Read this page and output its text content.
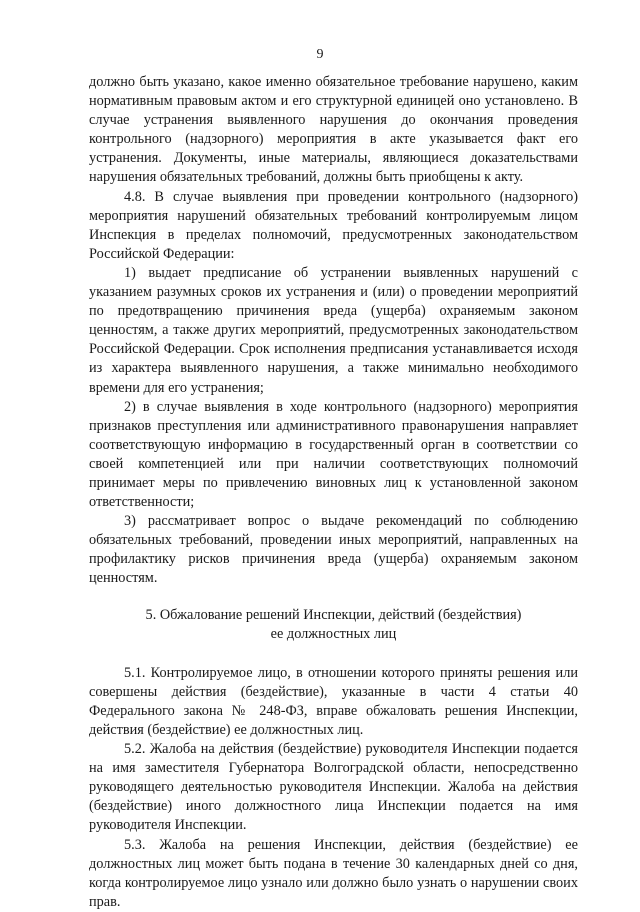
9

должно быть указано, какое именно обязательное требование нарушено, каким нормативным правовым актом и его структурной единицей оно установлено. В случае устранения выявленного нарушения до окончания проведения контрольного (надзорного) мероприятия в акте указывается факт его устранения. Документы, иные материалы, являющиеся доказательствами нарушения обязательных требований, должны быть приобщены к акту.

4.8. В случае выявления при проведении контрольного (надзорного) мероприятия нарушений обязательных требований контролируемым лицом Инспекция в пределах полномочий, предусмотренных законодательством Российской Федерации:

1) выдает предписание об устранении выявленных нарушений с указанием разумных сроков их устранения и (или) о проведении мероприятий по предотвращению причинения вреда (ущерба) охраняемым законом ценностям, а также других мероприятий, предусмотренных законодательством Российской Федерации. Срок исполнения предписания устанавливается исходя из характера выявленного нарушения, а также минимально необходимого времени для его устранения;

2) в случае выявления в ходе контрольного (надзорного) мероприятия признаков преступления или административного правонарушения направляет соответствующую информацию в государственный орган в соответствии со своей компетенцией или при наличии соответствующих полномочий принимает меры по привлечению виновных лиц к установленной законом ответственности;

3) рассматривает вопрос о выдаче рекомендаций по соблюдению обязательных требований, проведении иных мероприятий, направленных на профилактику рисков причинения вреда (ущерба) охраняемым законом ценностям.

5. Обжалование решений Инспекции, действий (бездействия)
ее должностных лиц

5.1. Контролируемое лицо, в отношении которого приняты решения или совершены действия (бездействие), указанные в части 4 статьи 40 Федерального закона № 248-ФЗ, вправе обжаловать решения Инспекции, действия (бездействие) ее должностных лиц.

5.2. Жалоба на действия (бездействие) руководителя Инспекции подается на имя заместителя Губернатора Волгоградской области, непосредственно руководящего деятельностью руководителя Инспекции. Жалоба на действия (бездействие) иного должностного лица Инспекции подается на имя руководителя Инспекции.

5.3. Жалоба на решения Инспекции, действия (бездействие) ее должностных лиц может быть подана в течение 30 календарных дней со дня, когда контролируемое лицо узнало или должно было узнать о нарушении своих прав.
